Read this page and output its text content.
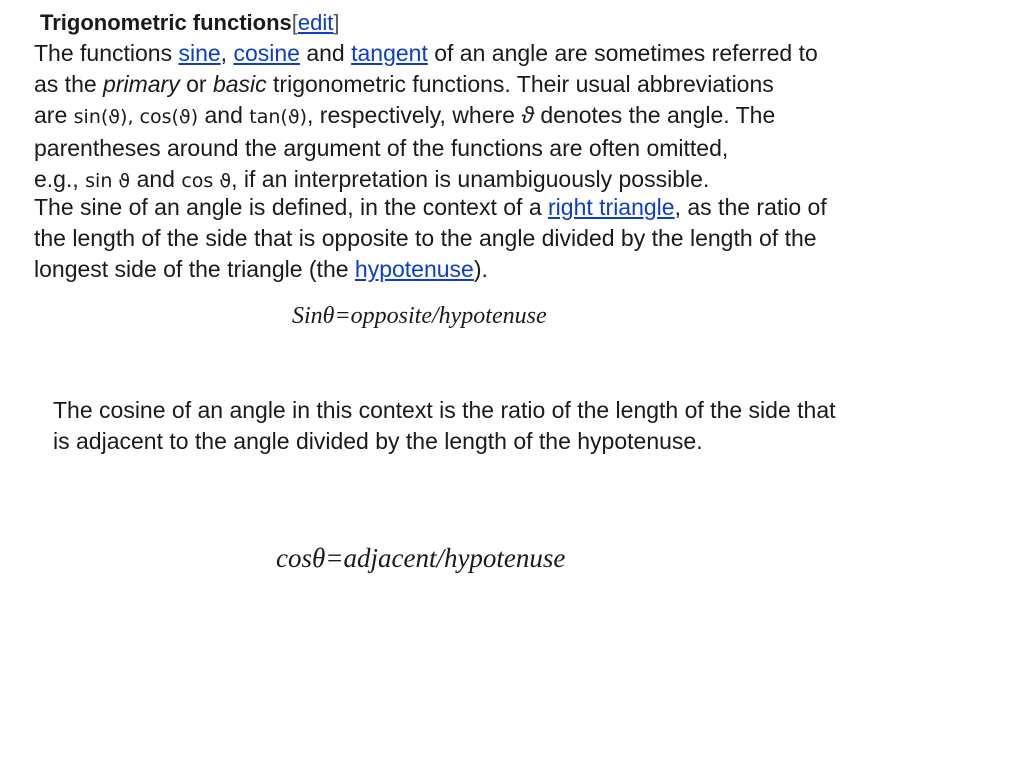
Trigonometric functions[edit]
The functions sine, cosine and tangent of an angle are sometimes referred to
as the primary or basic trigonometric functions. Their usual abbreviations
are sin(ϑ), cos(ϑ) and tan(ϑ), respectively, where ϑ denotes the angle. The
parentheses around the argument of the functions are often omitted,
e.g., sin ϑ and cos ϑ, if an interpretation is unambiguously possible.
The sine of an angle is defined, in the context of a right triangle, as the ratio of
the length of the side that is opposite to the angle divided by the length of the
longest side of the triangle (the hypotenuse).
Sinθ=opposite/hypotenuse
The cosine of an angle in this context is the ratio of the length of the side that
is adjacent to the angle divided by the length of the hypotenuse.
cosθ=adjacent/hypotenuse
